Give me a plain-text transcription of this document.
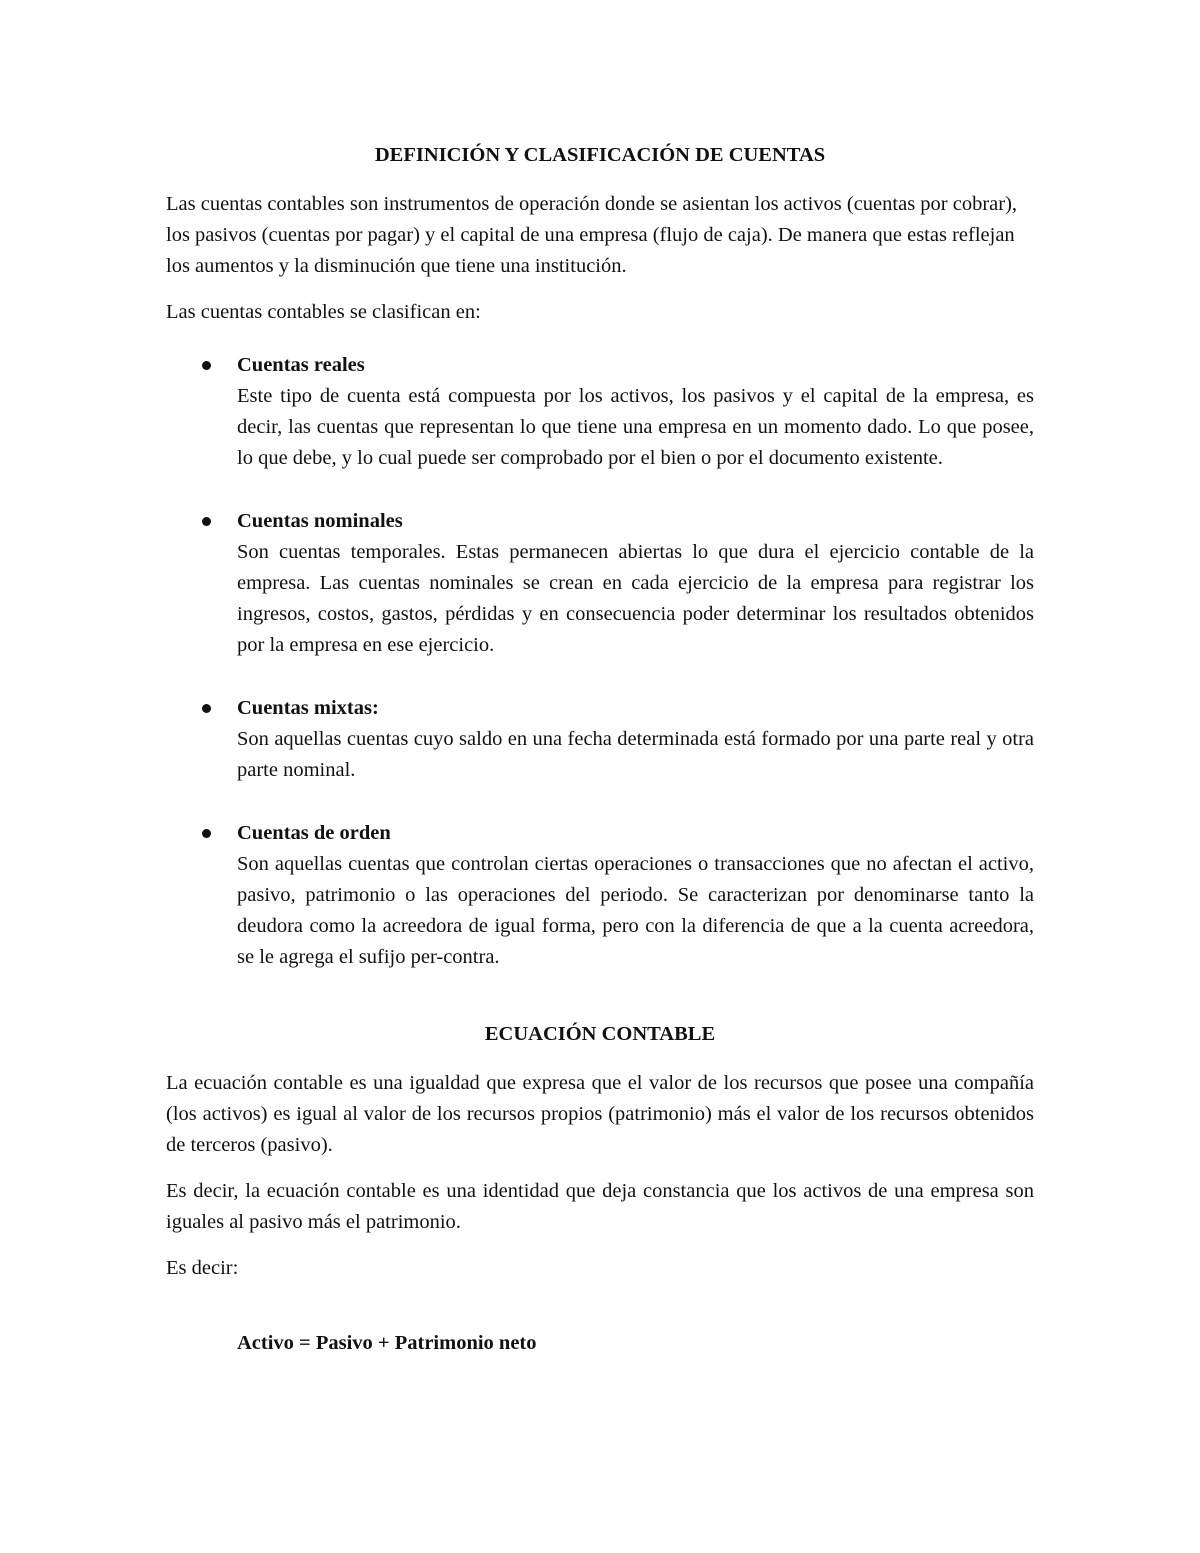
DEFINICIÓN Y CLASIFICACIÓN DE CUENTAS

Las cuentas contables son instrumentos de operación donde se asientan los activos (cuentas por cobrar), los pasivos (cuentas por pagar) y el capital de una empresa (flujo de caja). De manera que estas reflejan los aumentos y la disminución que tiene una institución.

Las cuentas contables se clasifican en:

Cuentas reales
Este tipo de cuenta está compuesta por los activos, los pasivos y el capital de la empresa, es decir, las cuentas que representan lo que tiene una empresa en un momento dado. Lo que posee, lo que debe, y lo cual puede ser comprobado por el bien o por el documento existente.
Cuentas nominales
Son cuentas temporales. Estas permanecen abiertas lo que dura el ejercicio contable de la empresa. Las cuentas nominales se crean en cada ejercicio de la empresa para registrar los ingresos, costos, gastos, pérdidas y en consecuencia poder determinar los resultados obtenidos por la empresa en ese ejercicio.
Cuentas mixtas:
Son aquellas cuentas cuyo saldo en una fecha determinada está formado por una parte real y otra parte nominal.
Cuentas de orden
Son aquellas cuentas que controlan ciertas operaciones o transacciones que no afectan el activo, pasivo, patrimonio o las operaciones del periodo. Se caracterizan por denominarse tanto la deudora como la acreedora de igual forma, pero con la diferencia de que a la cuenta acreedora, se le agrega el sufijo per-contra.
ECUACIÓN CONTABLE

La ecuación contable es una igualdad que expresa que el valor de los recursos que posee una compañía (los activos) es igual al valor de los recursos propios (patrimonio) más el valor de los recursos obtenidos de terceros (pasivo).

Es decir, la ecuación contable es una identidad que deja constancia que los activos de una empresa son iguales al pasivo más el patrimonio.

Es decir:

Activo = Pasivo + Patrimonio neto
